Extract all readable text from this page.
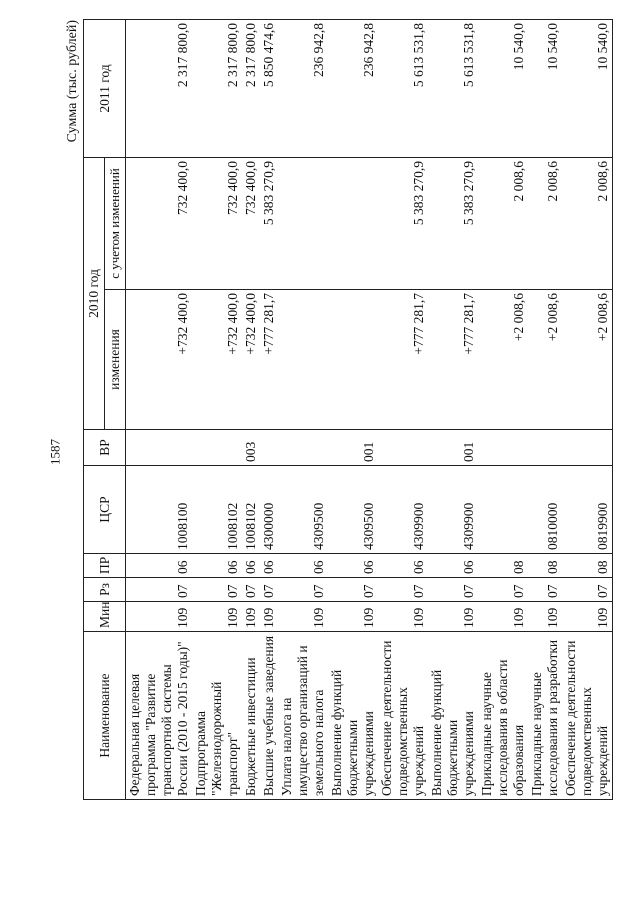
1587
Сумма (тыс. рублей)
Наименование	Мин	Рз	ПР	ЦСР	ВР	2010 год		2011 год
						изменения	с учетом изменений	
Федеральная целевая программа "Развитие транспортной системы России (2010 - 2015 годы)"	109	07	06	1008100		+732 400,0	732 400,0	2 317 800,0
Подпрограмма "Железнодорожный транспорт"	109	07	06	1008102		+732 400,0	732 400,0	2 317 800,0
Бюджетные инвестиции	109	07	06	1008102	003	+732 400,0	732 400,0	2 317 800,0
Высшие учебные заведения	109	07	06	4300000		+777 281,7	5 383 270,9	5 850 474,6
Уплата налога на имущество организаций и земельного налога	109	07	06	4309500				236 942,8
Выполнение функций бюджетными учреждениями	109	07	06	4309500	001			236 942,8
Обеспечение деятельности подведомственных учреждений	109	07	06	4309900		+777 281,7	5 383 270,9	5 613 531,8
Выполнение функций бюджетными учреждениями	109	07	06	4309900	001	+777 281,7	5 383 270,9	5 613 531,8
Прикладные научные исследования в области образования	109	07	08			+2 008,6	2 008,6	10 540,0
Прикладные научные исследования и разработки	109	07	08	0810000		+2 008,6	2 008,6	10 540,0
Обеспечение деятельности подведомственных учреждений	109	07	08	0819900		+2 008,6	2 008,6	10 540,0
